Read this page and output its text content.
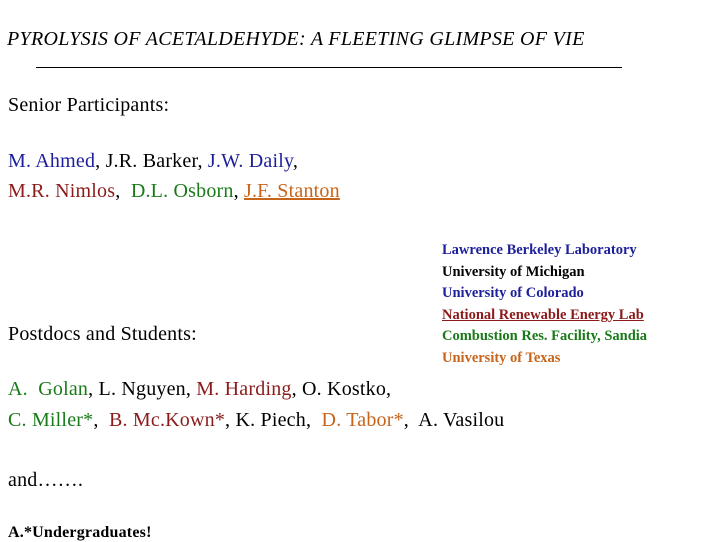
PYROLYSIS OF ACETALDEHYDE: A FLEETING GLIMPSE OF VIE
Senior Participants:
M. Ahmed, J.R. Barker, J.W. Daily,
M.R. Nimlos,  D.L. Osborn, J.F. Stanton
Lawrence Berkeley Laboratory
University of Michigan
University of Colorado
National Renewable Energy Lab
Combustion Res. Facility, Sandia
University of Texas
Postdocs and Students:
A.  Golan, L. Nguyen, M. Harding, O. Kostko,
C. Miller*,  B. Mc.Kown*, K. Piech,  D. Tabor*,  A. Vasilou
and…….
A.*Undergraduates!
